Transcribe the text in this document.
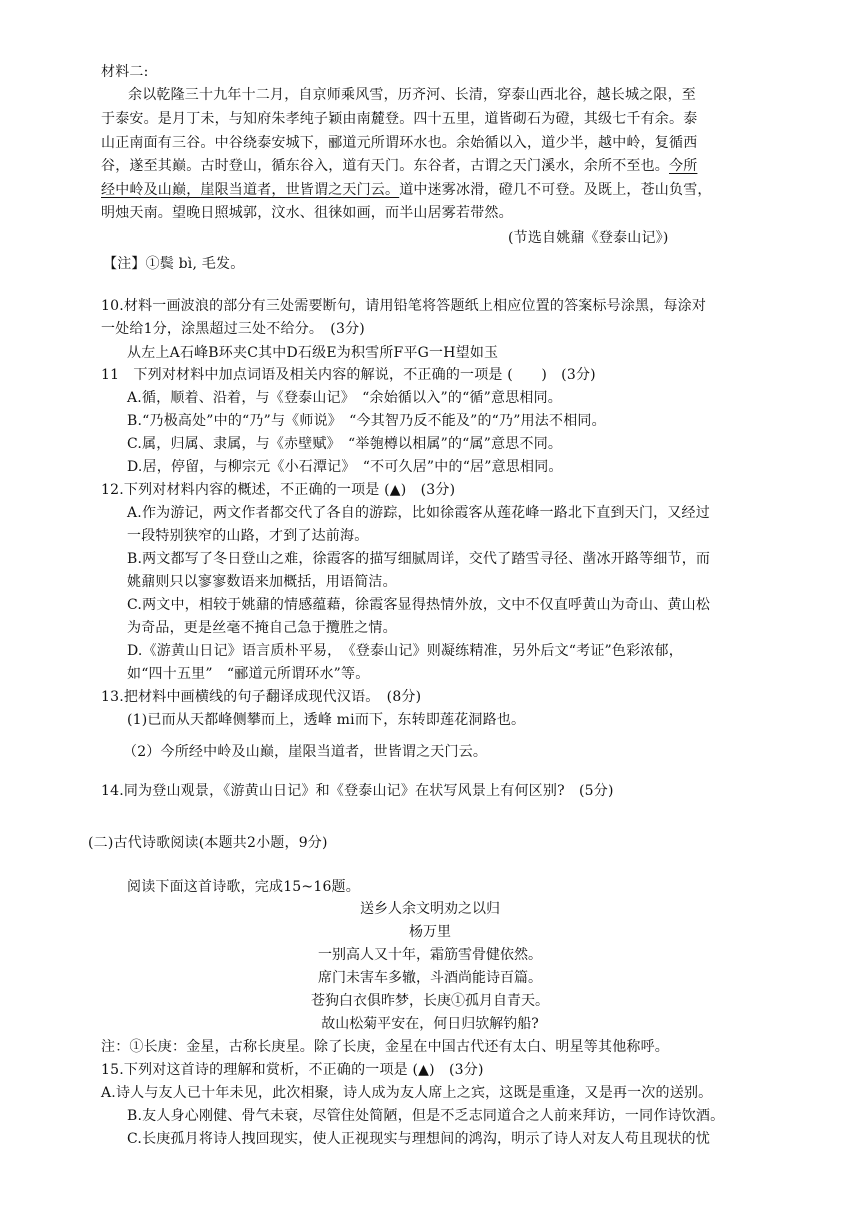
材料二:
余以乾隆三十九年十二月，自京师乘风雪，历齐河、长清，穿泰山西北谷，越长城之限，至
于泰安。是月丁未，与知府朱孝纯子颖由南麓登。四十五里，道皆砌石为磴，其级七千有余。泰
山正南面有三谷。中谷绕泰安城下，郦道元所谓环水也。余始循以入，道少半，越中岭，复循西
谷，遂至其巅。古时登山，循东谷入，道有天门。东谷者，古谓之天门溪水，余所不至也。今所
经中岭及山巅，崖限当道者，世皆谓之天门云。道中迷雾冰滑，磴几不可登。及既上，苍山负雪，
明烛天南。望晚日照城郭，汶水、徂徕如画，而半山居雾若带然。
(节选自姚鼐《登泰山记》)
【注】①鬓 bì, 毛发。
10.材料一画波浪的部分有三处需要断句，请用铅笔将答题纸上相应位置的答案标号涂黑，每涂对
一处给1分，涂黑超过三处不给分。　(3分)
从左上A石峰B环夹C其中D石级E为积雪所F平G一H望如玉
11　下列对材料中加点词语及相关内容的解说，不正确的一项是 (　　)　(3分)
A.循，顺着、沿着，与《登泰山记》　“余始循以入”的“循”意思相同。
B.“乃极高处”中的“乃”与《师说》　“今其智乃反不能及”的“乃”用法不相同。
C.属，归属、隶属，与《赤壁赋》　“举匏樽以相属”的“属”意思不同。
D.居，停留，与柳宗元《小石潭记》　“不可久居”中的“居”意思相同。
12.下列对材料内容的概述，不正确的一项是 (▲)　(3分)
A.作为游记，两文作者都交代了各自的游踪，比如徐霞客从莲花峰一路北下直到天门，又经过
一段特别狭窄的山路，才到了达前海。
B.两文都写了冬日登山之难，徐霞客的描写细腻周详，交代了踏雪寻径、凿冰开路等细节，而
姚鼐则只以寥寥数语来加概括，用语简洁。
C.两文中，相较于姚鼐的情感蕴藉，徐霞客显得热情外放，文中不仅直呼黄山为奇山、黄山松
为奇品，更是丝毫不掩自己急于攬胜之情。
D.《游黄山日记》语言质朴平易，　《登泰山记》则凝练精准，另外后文“考证”色彩浓郁，
如“四十五里”　“郦道元所谓环水”等。
13.把材料中画横线的句子翻译成现代汉语。　(8分)
(1)已而从天都峰侧攀而上，透峰 mi而下，东转即莲花洞路也。
（2）今所经中岭及山巅，崖限当道者，世皆谓之天门云。
14.同为登山观景，《游黄山日记》和《登泰山记》在状写风景上有何区别?　(5分)
(二)古代诗歌阅读(本题共2小题，9分)
阅读下面这首诗歌，完成15~16题。
送乡人余文明劝之以归
杨万里
一别高人又十年，霜筋雪骨健依然。
席门未害车多辙，斗酒尚能诗百篇。
苍狗白衣俱昨梦，长庚①孤月自青天。
故山松菊平安在，何日归欤解钓船?
注：①长庚：金星，古称长庚星。除了长庚，金星在中国古代还有太白、明星等其他称呼。
15.下列对这首诗的理解和赏析，不正确的一项是 (▲)　(3分)
A.诗人与友人已十年未见，此次相聚，诗人成为友人席上之宾，这既是重逢，又是再一次的送别。
B.友人身心刚健、骨气未衰，尽管住处简陋，但是不乏志同道合之人前来拜访，一同作诗饮酒。
C.长庚孤月将诗人拽回现实，使人正视现实与理想间的鸿沟，明示了诗人对友人苟且现状的忧
